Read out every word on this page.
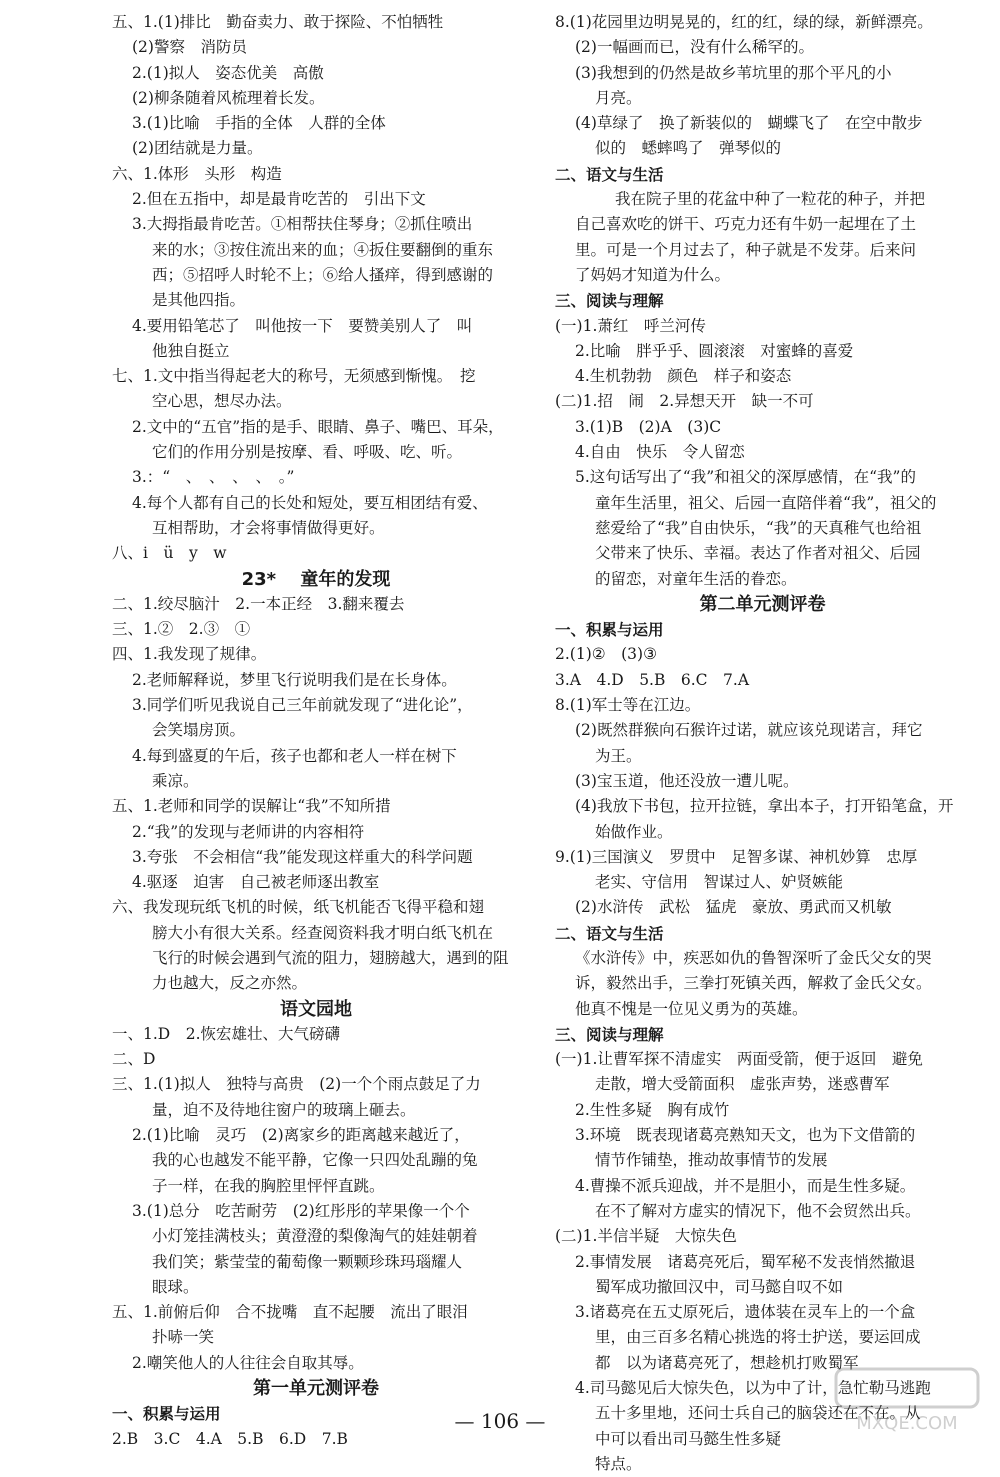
五、1.(1)排比　勤奋卖力、敢于探险、不怕牺牲
(2)警察　消防员
2.(1)拟人　姿态优美　高傲
(2)柳条随着风梳理着长发。
3.(1)比喻　手指的全体　人群的全体
(2)团结就是力量。
六、1.体形　头形　构造
2.但在五指中，却是最肯吃苦的　引出下文
3.大拇指最肯吃苦。①相帮扶住琴身；②抓住喷出
来的水；③按住流出来的血；④扳住要翻倒的重东
西；⑤招呼人时轮不上；⑥给人搔痒，得到感谢的
是其他四指。
4.要用铅笔芯了　叫他按一下　要赞美别人了　叫
他独自挺立
七、1.文中指当得起老大的称号，无须感到惭愧。　挖
空心思，想尽办法。
2.文中的“五官”指的是手、眼睛、鼻子、嘴巴、耳朵，
它们的作用分别是按摩、看、呼吸、吃、听。
3.：“　、　、　、　、　。”
4.每个人都有自己的长处和短处，要互相团结有爱、
互相帮助，才会将事情做得更好。
八、i　ü　y　w
23* 　童年的发现
二、1.绞尽脑汁　2.一本正经　3.翻来覆去
三、1.②　2.③　①
四、1.我发现了规律。
2.老师解释说，梦里飞行说明我们是在长身体。
3.同学们听见我说自己三年前就发现了“进化论”，
会笑塌房顶。
4.每到盛夏的午后，孩子也都和老人一样在树下
乘凉。
五、1.老师和同学的误解让“我”不知所措
2.“我”的发现与老师讲的内容相符
3.夸张　不会相信“我”能发现这样重大的科学问题
4.驱逐　迫害　自己被老师逐出教室
六、我发现玩纸飞机的时候，纸飞机能否飞得平稳和翅
膀大小有很大关系。经查阅资料我才明白纸飞机在
飞行的时候会遇到气流的阻力，翅膀越大，遇到的阻
力也越大，反之亦然。
语文园地
一、1.D　2.恢宏雄壮、大气磅礴
二、D
三、1.(1)拟人　独特与高贵　(2)一个个雨点鼓足了力
量，迫不及待地往窗户的玻璃上砸去。
2.(1)比喻　灵巧　(2)离家乡的距离越来越近了，
我的心也越发不能平静，它像一只四处乱蹦的兔
子一样，在我的胸腔里怦怦直跳。
3.(1)总分　吃苦耐劳　(2)红彤彤的苹果像一个个
小灯笼挂满枝头；黄澄澄的梨像淘气的娃娃朝着
我们笑；紫莹莹的葡萄像一颗颗珍珠玛瑙耀人
眼球。
五、1.前俯后仰　合不拢嘴　直不起腰　流出了眼泪
扑哧一笑
2.嘲笑他人的人往往会自取其辱。
第一单元测评卷
一、积累与运用
2.B　3.C　4.A　5.B　6.D　7.B
8.(1)花园里边明晃晃的，红的红，绿的绿，新鲜漂亮。
(2)一幅画而已，没有什么稀罕的。
(3)我想到的仍然是故乡苇坑里的那个平凡的小
月亮。
(4)草绿了　换了新装似的　蝴蝶飞了　在空中散步
似的　蟋蟀鸣了　弹琴似的
二、语文与生活
我在院子里的花盆中种了一粒花的种子，并把
自己喜欢吃的饼干、巧克力还有牛奶一起埋在了土
里。可是一个月过去了，种子就是不发芽。后来问
了妈妈才知道为什么。
三、阅读与理解
(一)1.萧红　呼兰河传
2.比喻　胖乎乎、圆滚滚　对蜜蜂的喜爱
4.生机勃勃　颜色　样子和姿态
(二)1.招　闹　2.异想天开　缺一不可
3.(1)B　(2)A　(3)C
4.自由　快乐　令人留恋
5.这句话写出了“我”和祖父的深厚感情，在“我”的
童年生活里，祖父、后园一直陪伴着“我”，祖父的
慈爱给了“我”自由快乐，“我”的天真稚气也给祖
父带来了快乐、幸福。表达了作者对祖父、后园
的留恋，对童年生活的眷恋。
第二单元测评卷
一、积累与运用
2.(1)②　(3)③
3.A　4.D　5.B　6.C　7.A
8.(1)军士等在江边。
(2)既然群猴向石猴许过诺，就应该兑现诺言，拜它
为王。
(3)宝玉道，他还没放一遭儿呢。
(4)我放下书包，拉开拉链，拿出本子，打开铅笔盒，开
始做作业。
9.(1)三国演义　罗贯中　足智多谋、神机妙算　忠厚
老实、守信用　智谋过人、妒贤嫉能
(2)水浒传　武松　猛虎　豪放、勇武而又机敏
二、语文与生活
《水浒传》中，疾恶如仇的鲁智深听了金氏父女的哭
诉，毅然出手，三拳打死镇关西，解救了金氏父女。
他真不愧是一位见义勇为的英雄。
三、阅读与理解
(一)1.让曹军探不清虚实　两面受箭，便于返回　避免
走散，增大受箭面积　虚张声势，迷惑曹军
2.生性多疑　胸有成竹
3.环境　既表现诸葛亮熟知天文，也为下文借箭的
情节作铺垫，推动故事情节的发展
4.曹操不派兵迎战，并不是胆小，而是生性多疑。
在不了解对方虚实的情况下，他不会贸然出兵。
(二)1.半信半疑　大惊失色
2.事情发展　诸葛亮死后，蜀军秘不发丧悄然撤退
蜀军成功撤回汉中，司马懿自叹不如
3.诸葛亮在五丈原死后，遗体装在灵车上的一个盒
里，由三百多名精心挑选的将士护送，要运回成
都　以为诸葛亮死了，想趁机打败蜀军
4.司马懿见后大惊失色，以为中了计，急忙勒马逃跑
五十多里地，还问士兵自己的脑袋还在不在。从
中可以看出司马懿生性多疑
特点。
— 106 —	MXQE.COM
